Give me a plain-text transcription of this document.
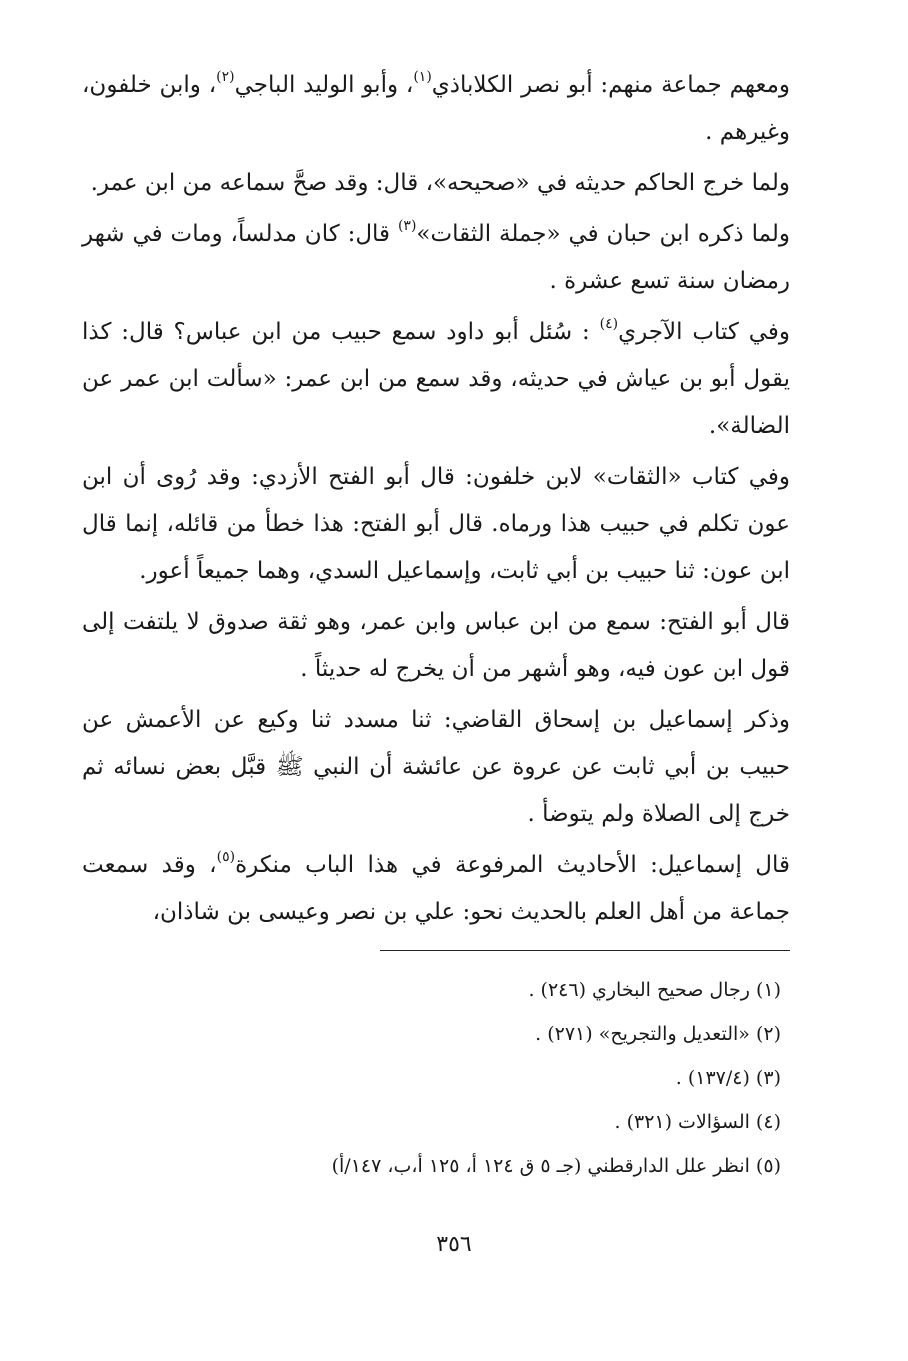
ومعهم جماعة منهم: أبو نصر الكلاباذي$^{(١)}$، وأبو الوليد الباجي$^{(٢)}$، وابن خلفون، وغيرهم .

ولما خرج الحاكم حديثه في «صحيحه»، قال: وقد صحَّ سماعه من ابن عمر.

ولما ذكره ابن حبان في «جملة الثقات»$^{(٣)}$ قال: كان مدلساً، ومات في شهر رمضان سنة تسع عشرة .

وفي كتاب الآجري$^{(٤)}$ : سُئل أبو داود سمع حبيب من ابن عباس؟ قال: كذا يقول أبو بن عياش في حديثه، وقد سمع من ابن عمر: «سألت ابن عمر عن الضالة».

وفي كتاب «الثقات» لابن خلفون: قال أبو الفتح الأزدي: وقد رُوى أن ابن عون تكلم في حبيب هذا ورماه. قال أبو الفتح: هذا خطأ من قائله، إنما قال ابن عون: ثنا حبيب بن أبي ثابت، وإسماعيل السدي، وهما جميعاً أعور.

قال أبو الفتح: سمع من ابن عباس وابن عمر، وهو ثقة صدوق لا يلتفت إلى قول ابن عون فيه، وهو أشهر من أن يخرج له حديثاً .

وذكر إسماعيل بن إسحاق القاضي: ثنا مسدد ثنا وكيع عن الأعمش عن حبيب بن أبي ثابت عن عروة عن عائشة أن النبي ﷺ قبَّل بعض نسائه ثم خرج إلى الصلاة ولم يتوضأ .

قال إسماعيل: الأحاديث المرفوعة في هذا الباب منكرة$^{(٥)}$، وقد سمعت جماعة من أهل العلم بالحديث نحو: علي بن نصر وعيسى بن شاذان،

(١) رجال صحيح البخاري (٢٤٦) .

(٢) «التعديل والتجريح» (٢٧١) .

(٣) (١٣٧/٤) .

(٤) السؤالات (٣٢١) .

(٥) انظر علل الدارقطني (جـ ٥ ق ١٢٤ أ، ١٢٥ أ،ب، ١٤٧/أ)

٣٥٦
